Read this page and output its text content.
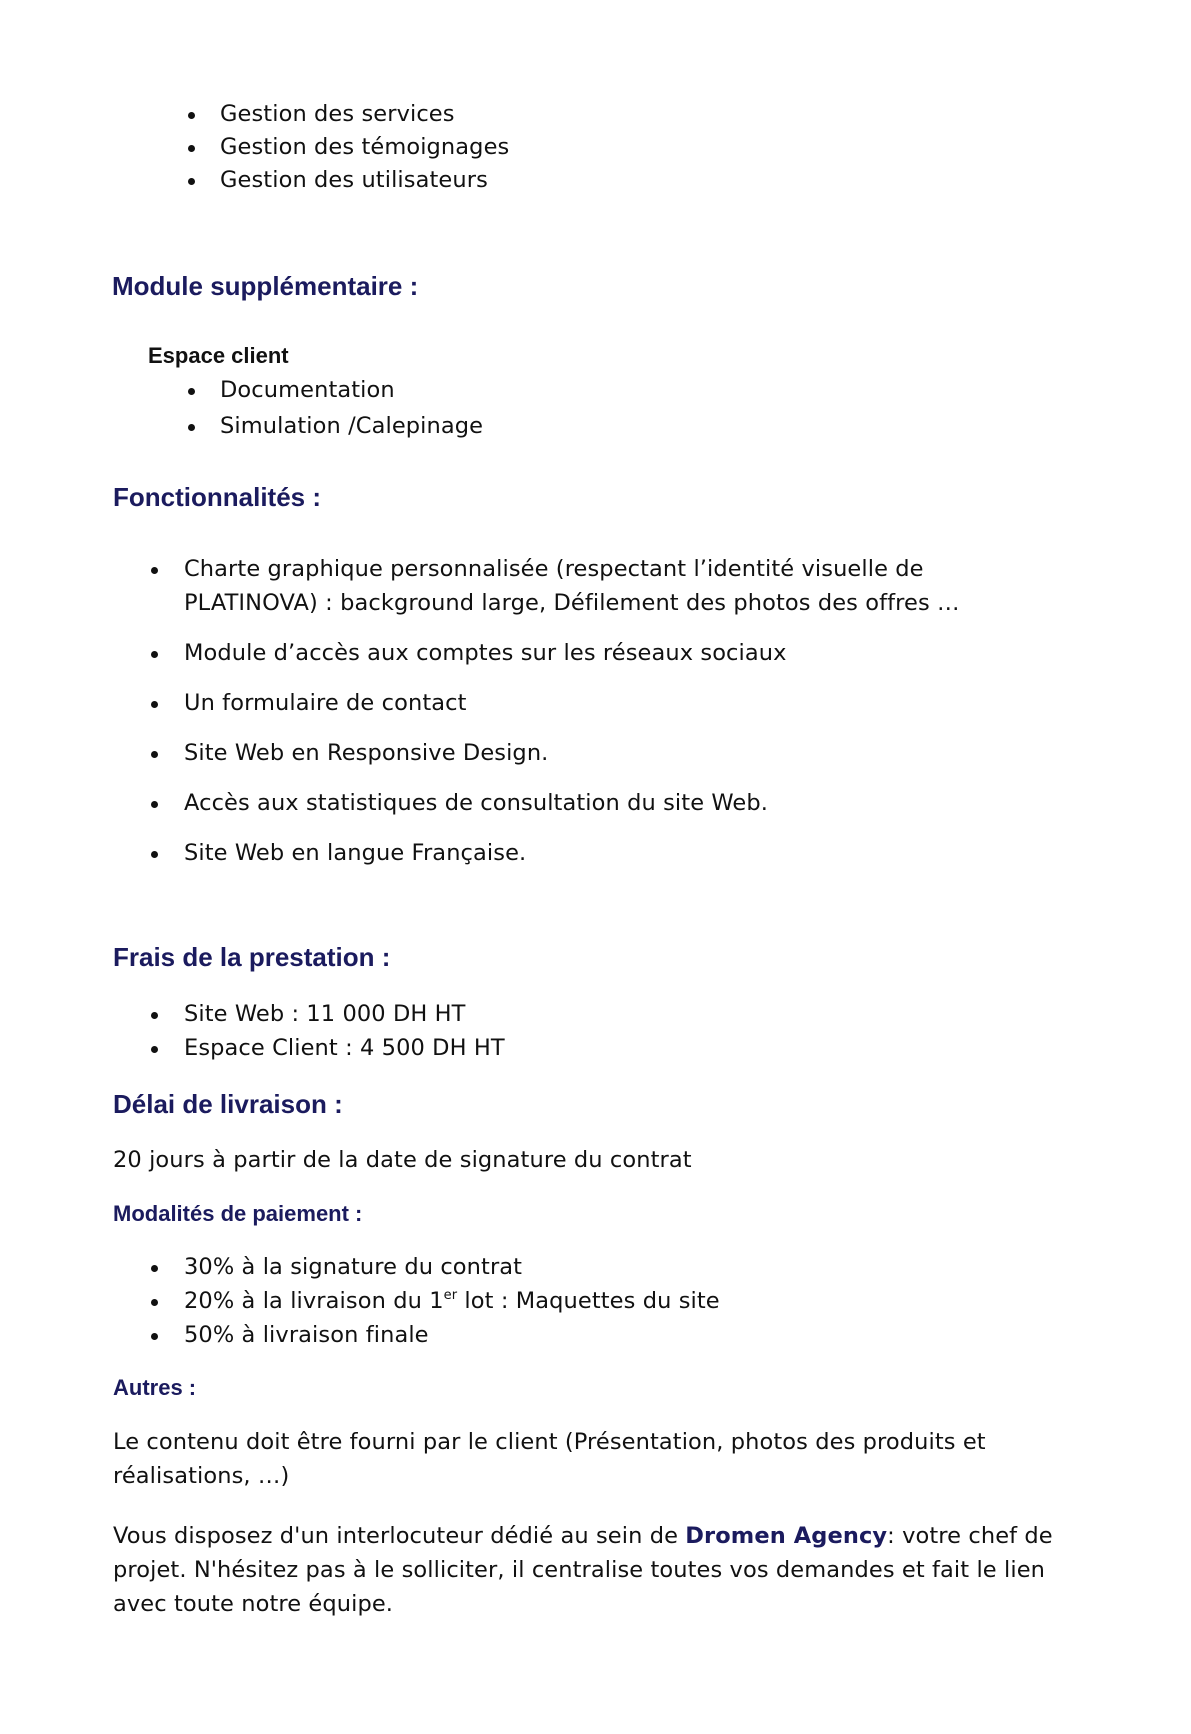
Gestion des services
Gestion des témoignages
Gestion des utilisateurs
Module supplémentaire :
Espace client
Documentation
Simulation /Calepinage
Fonctionnalités :
Charte graphique personnalisée (respectant l’identité visuelle de
PLATINOVA) : background large, Défilement des photos des offres …
Module d’accès aux comptes sur les réseaux sociaux
Un formulaire de contact
Site Web en Responsive Design.
Accès aux statistiques de consultation du site Web.
Site Web en langue Française.
Frais de la prestation :
Site Web : 11 000 DH HT
Espace Client : 4 500 DH HT
Délai de livraison :
20 jours à partir de la date de signature du contrat
Modalités de paiement :
30% à la signature du contrat
20% à la livraison du 1er lot : Maquettes du site
50% à livraison finale
Autres :
Le contenu doit être fourni par le client (Présentation, photos des produits et
réalisations, …)
Vous disposez d'un interlocuteur dédié au sein de Dromen Agency: votre chef de
projet. N'hésitez pas à le solliciter, il centralise toutes vos demandes et fait le lien
avec toute notre équipe.
